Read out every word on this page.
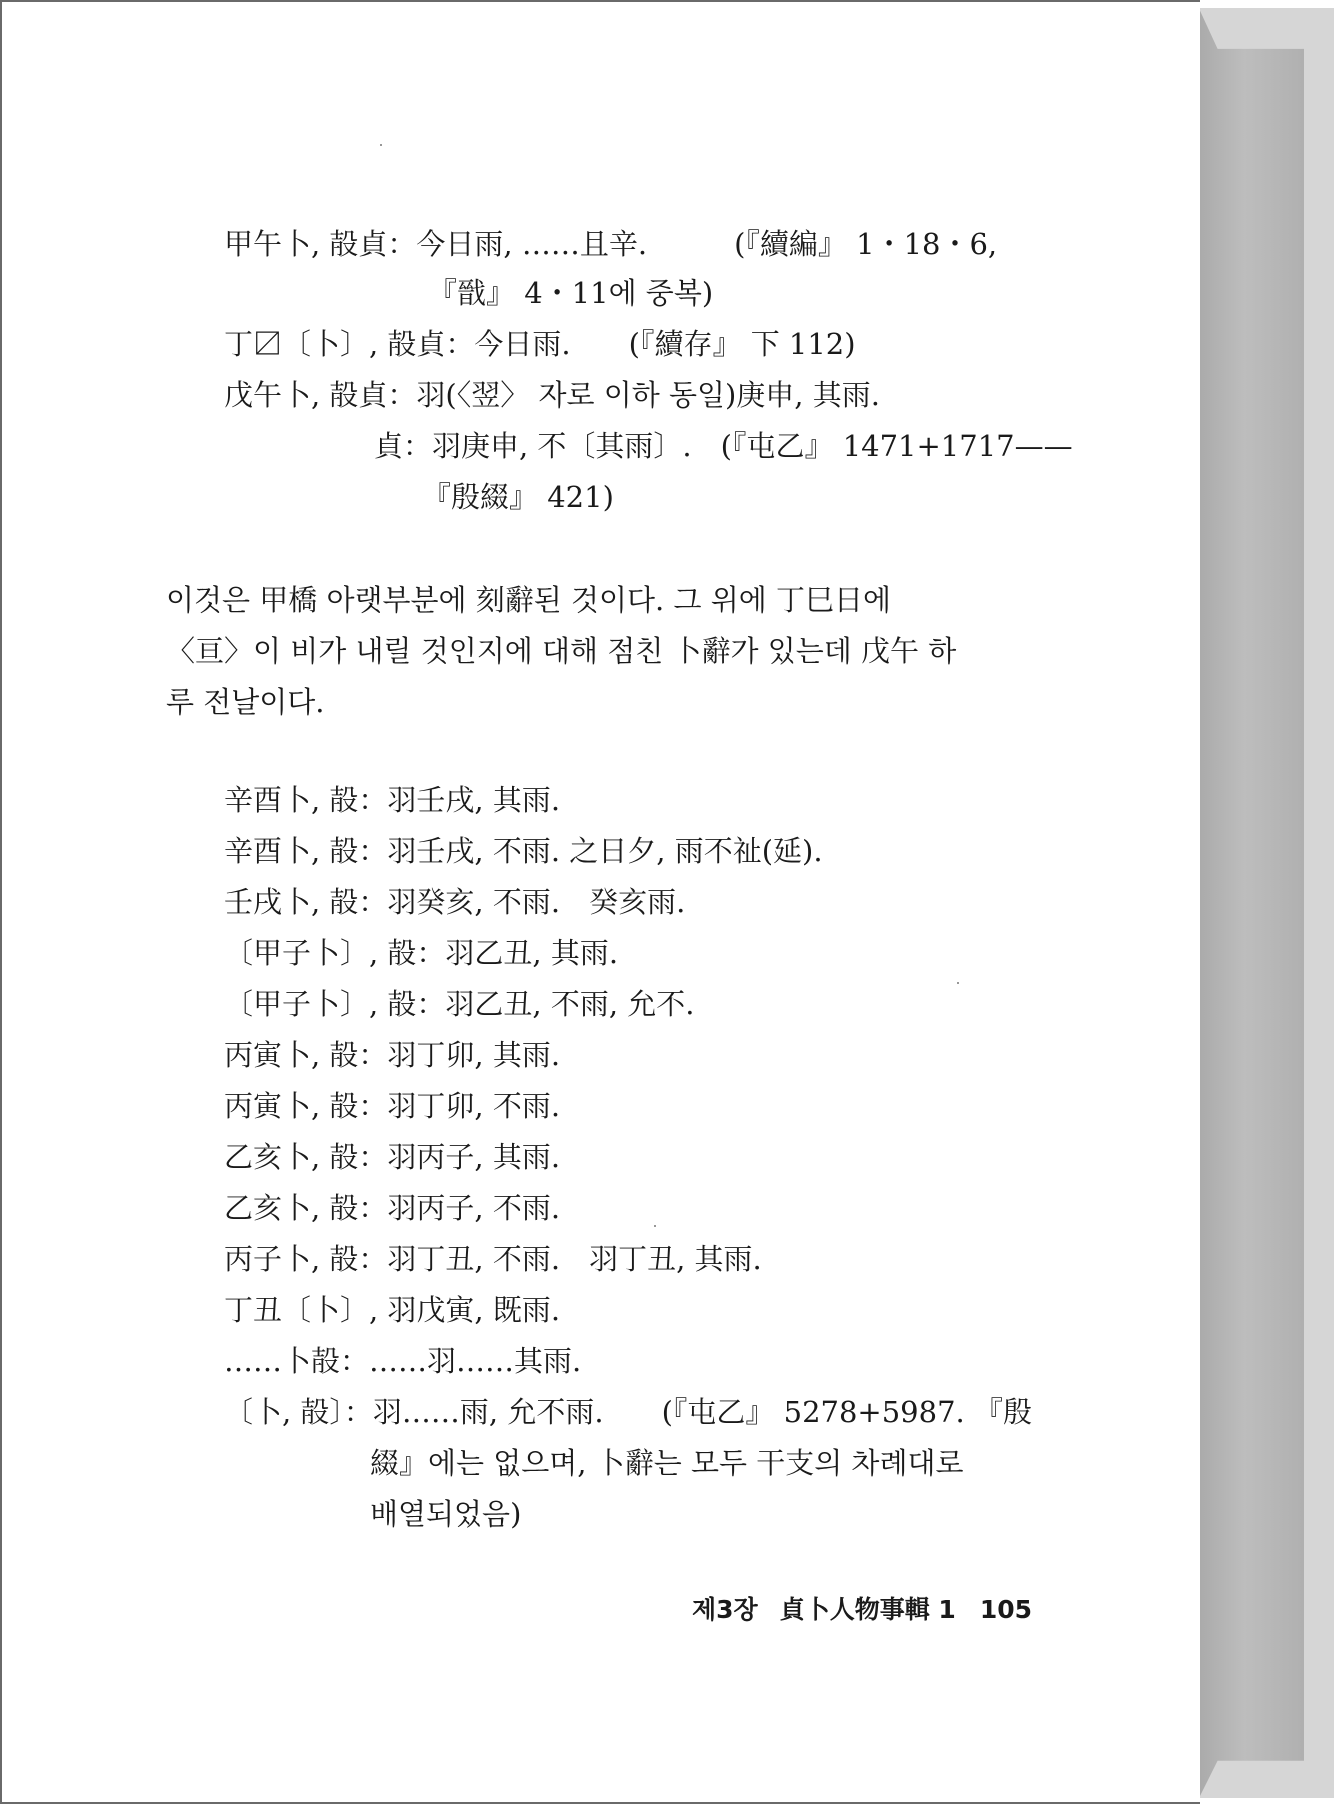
甲午卜, 㱿貞：今日雨, ……且辛.　　　(『續編』 1・18・6,
『戩』 4・11에 중복)
丁〼〔卜〕, 㱿貞：今日雨.　　(『續存』 下 112)
戊午卜, 㱿貞：羽(〈翌〉 자로 이하 동일)庚申, 其雨.
貞：羽庚申, 不〔其雨〕.　(『屯乙』 1471+1717——
『殷綴』 421)
이것은 甲橋 아랫부분에 刻辭된 것이다. 그 위에 丁巳日에
〈亘〉이 비가 내릴 것인지에 대해 점친 卜辭가 있는데 戊午 하
루 전날이다.
辛酉卜, 㱿：羽壬戌, 其雨.
辛酉卜, 㱿：羽壬戌, 不雨. 之日夕, 雨不祉(延).
壬戌卜, 㱿：羽癸亥, 不雨.　癸亥雨.
〔甲子卜〕, 㱿：羽乙丑, 其雨.
〔甲子卜〕, 㱿：羽乙丑, 不雨, 允不.
丙寅卜, 㱿：羽丁卯, 其雨.
丙寅卜, 㱿：羽丁卯, 不雨.
乙亥卜, 㱿：羽丙子, 其雨.
乙亥卜, 㱿：羽丙子, 不雨.
丙子卜, 㱿：羽丁丑, 不雨.　羽丁丑, 其雨.
丁丑〔卜〕, 羽戊寅, 既雨.
……卜㱿：……羽……其雨.
〔卜, 㱿〕：羽……雨, 允不雨.　　(『屯乙』 5278+5987. 『殷
綴』에는 없으며, 卜辭는 모두 干支의 차례대로
배열되었음)
제3장 貞卜人物事輯 1 105
